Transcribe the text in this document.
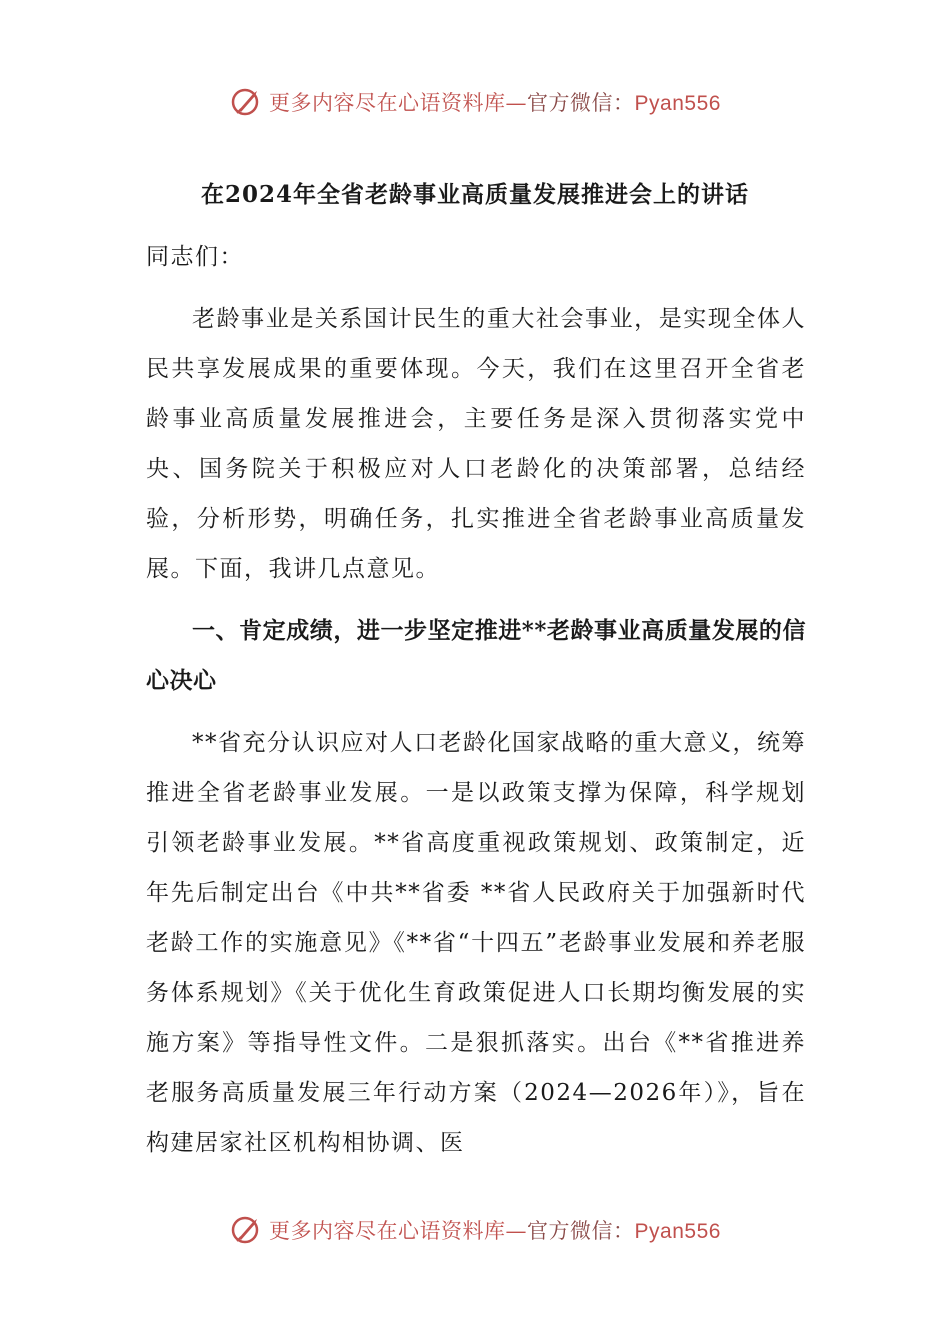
更多内容尽在心语资料库—官方微信：Pyan556
在2024年全省老龄事业高质量发展推进会上的讲话

同志们：

老龄事业是关系国计民生的重大社会事业，是实现全体人民共享发展成果的重要体现。今天，我们在这里召开全省老龄事业高质量发展推进会，主要任务是深入贯彻落实党中央、国务院关于积极应对人口老龄化的决策部署，总结经验，分析形势，明确任务，扎实推进全省老龄事业高质量发展。下面，我讲几点意见。

一、肯定成绩，进一步坚定推进**老龄事业高质量发展的信心决心

**省充分认识应对人口老龄化国家战略的重大意义，统筹推进全省老龄事业发展。一是以政策支撑为保障，科学规划引领老龄事业发展。**省高度重视政策规划、政策制定，近年先后制定出台《中共**省委 **省人民政府关于加强新时代老龄工作的实施意见》《**省“十四五”老龄事业发展和养老服务体系规划》《关于优化生育政策促进人口长期均衡发展的实施方案》等指导性文件。二是狠抓落实。出台《**省推进养老服务高质量发展三年行动方案（2024—2026年）》，旨在构建居家社区机构相协调、医

更多内容尽在心语资料库—官方微信：Pyan556
